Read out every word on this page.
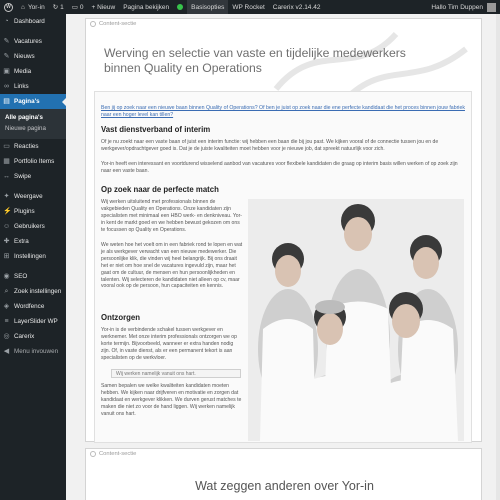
W	⌂ Yor-in ↻ 1 ▭ 0 + Nieuw Pagina bekijken	Basisopties WP Rocket Carerix v2.14.42	Hallo Tim Duppen
◔ Dashboard
✎ Vacatures
✎ Nieuws
▣ Media
∞ Links
▤ Pagina's
Alle pagina's
Nieuwe pagina
▭ Reacties
▦ Portfolio Items
↔ Swipe
✦ Weergave
⚡ Plugins
☺ Gebruikers
✚ Extra
⊞ Instellingen
◉ SEO
⌕ Zoek instellingen
◈ Wordfence
≡ LayerSlider WP
◎ Carerix
◀ Menu invouwen
Content-sectie
Werving en selectie van vaste en tijdelijke medewerkers binnen Quality en Operations
Ben jij op zoek naar een nieuwe baan binnen Quality of Operations? Of ben je juist op zoek naar die ene perfecte kandidaat die het proces binnen jouw fabriek naar een hoger level kan tillen?
Vast dienstverband of interim
Of je nu zoekt naar een vaste baan of juist een interim functie: wij hebben een baan die bij jou past. We kijken vooral of de connectie tussen jou en de werkgever/opdrachtgever goed is. Dat je de juiste kwaliteiten moet hebben voor je nieuwe job, dat spreekt natuurlijk voor zich.
Yor-in heeft een interessant en voortdurend wisselend aanbod van vacatures voor flexibele kandidaten die graag op interim basis willen werken of op zoek zijn naar een vaste baan.
Op zoek naar de perfecte match
Wij werken uitsluitend met professionals binnen de vakgebieden Quality en Operations. Onze kandidaten zijn specialisten met minimaal een HBO werk- en denkniveau. Yor-in kent de markt goed en we hebben bewust gekozen om ons te focussen op Quality en Operations.
We weten hoe het voelt om in een fabriek rond te lopen en wat je als werkgever verwacht van een nieuwe medewerker. Die persoonlijke klik, die vinden wij heel belangrijk. Bij ons draait het er niet om hoe snel de vacatures ingevuld zijn, maar het gaat om de cultuur, de mensen en hun persoonlijkheden en talenten. Wij selecteren de kandidaten niet alleen op cv, maar vooral ook op de persoon, hun capaciteiten en kennis.
Ontzorgen
Yor-in is de verbindende schakel tussen werkgever en werknemer. Met onze interim professionals ontzorgen we op korte termijn. Bijvoorbeeld, wanneer er extra handen nodig zijn. Of, in vaste dienst, als er een permanent tekort is aan specialisten op de werkvloer.
Wij werken namelijk vanuit ons hart.
Samen bepalen we welke kwaliteiten kandidaten moeten hebben. We kijken naar drijfveren en motivatie en zorgen dat kandidaat en werkgever klikken. We durven gerust matches te maken die niet zo voor de hand liggen. Wij werken namelijk vanuit ons hart.
Content-sectie
Wat zeggen anderen over Yor-in
